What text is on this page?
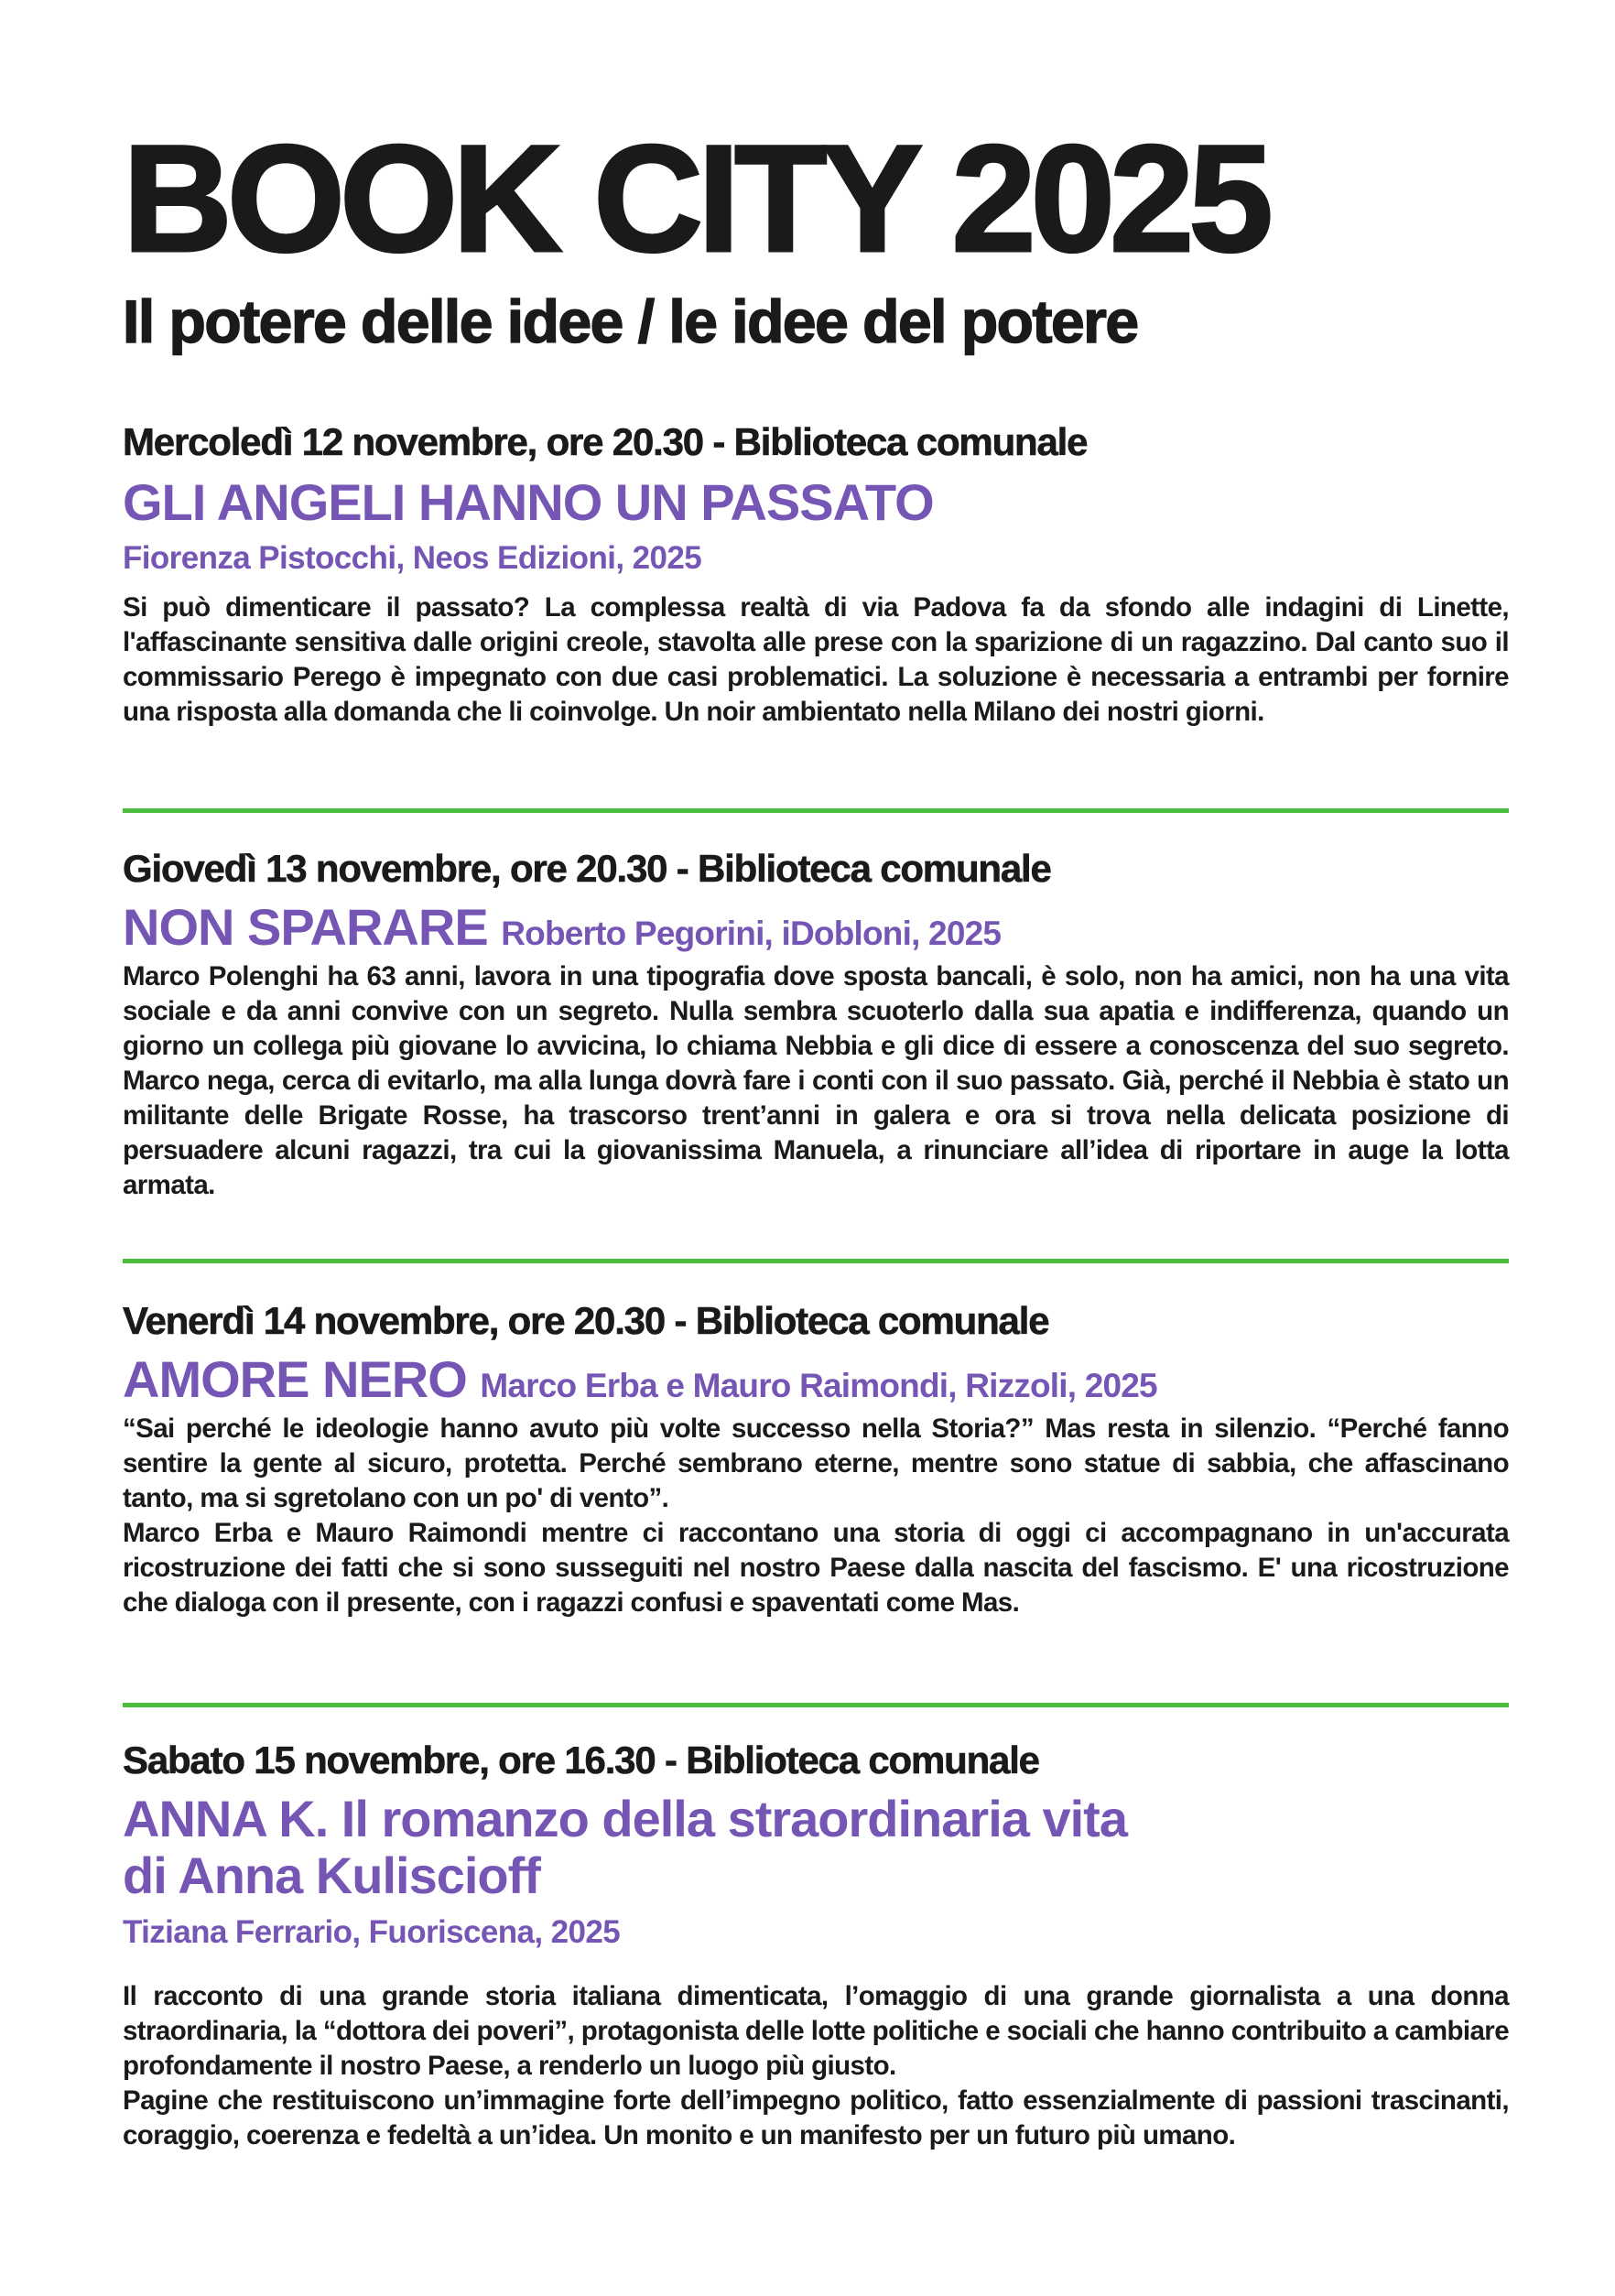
BOOK CITY 2025
Il potere delle idee / le idee del potere

Mercoledì 12 novembre, ore 20.30 - Biblioteca comunale

GLI ANGELI HANNO UN PASSATO

Fiorenza Pistocchi, Neos Edizioni, 2025

Si può dimenticare il passato? La complessa realtà di via Padova fa da sfondo alle indagini di Linette, l'affascinante sensitiva dalle origini creole, stavolta alle prese con la sparizione di un ragazzino. Dal canto suo il commissario Perego è impegnato con due casi problematici. La soluzione è necessaria a entrambi per fornire una risposta alla domanda che li coinvolge. Un noir ambientato nella Milano dei nostri giorni.

Giovedì 13 novembre, ore 20.30 - Biblioteca comunale

NON SPARARE Roberto Pegorini, iDobloni, 2025

Marco Polenghi ha 63 anni, lavora in una tipografia dove sposta bancali, è solo, non ha amici, non ha una vita sociale e da anni convive con un segreto. Nulla sembra scuoterlo dalla sua apatia e indifferenza, quando un giorno un collega più giovane lo avvicina, lo chiama Nebbia e gli dice di essere a conoscenza del suo segreto. Marco nega, cerca di evitarlo, ma alla lunga dovrà fare i conti con il suo passato. Già, perché il Nebbia è stato un militante delle Brigate Rosse, ha trascorso trent’anni in galera e ora si trova nella delicata posizione di persuadere alcuni ragazzi, tra cui la giovanissima Manuela, a rinunciare all’idea di riportare in auge la lotta armata.

Venerdì 14 novembre, ore 20.30 - Biblioteca comunale

AMORE NERO Marco Erba e Mauro Raimondi, Rizzoli, 2025

“Sai perché le ideologie hanno avuto più volte successo nella Storia?” Mas resta in silenzio. “Perché fanno sentire la gente al sicuro, protetta. Perché sembrano eterne, mentre sono statue di sabbia, che affascinano tanto, ma si sgretolano con un po' di vento”.

Marco Erba e Mauro Raimondi mentre ci raccontano una storia di oggi ci accompagnano in un'accurata ricostruzione dei fatti che si sono susseguiti nel nostro Paese dalla nascita del fascismo. E' una ricostruzione che dialoga con il presente, con i ragazzi confusi e spaventati come Mas.

Sabato 15 novembre, ore 16.30 - Biblioteca comunale

ANNA K. Il romanzo della straordinaria vita
di Anna Kuliscioff

Tiziana Ferrario, Fuoriscena, 2025

Il racconto di una grande storia italiana dimenticata, l’omaggio di una grande giornalista a una donna straordinaria, la “dottora dei poveri”, protagonista delle lotte politiche e sociali che hanno contribuito a cambiare profondamente il nostro Paese, a renderlo un luogo più giusto.

Pagine che restituiscono un’immagine forte dell’impegno politico, fatto essenzialmente di passioni trascinanti, coraggio, coerenza e fedeltà a un’idea. Un monito e un manifesto per un futuro più umano.
